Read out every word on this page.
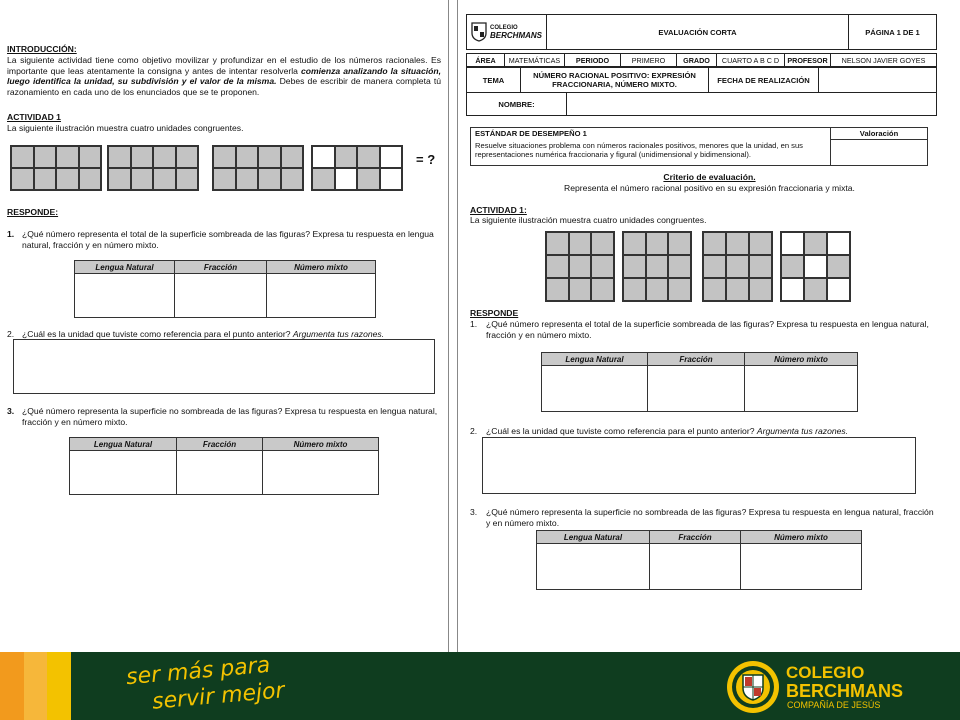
INTRODUCCIÓN:
La siguiente actividad tiene como objetivo movilizar y profundizar en el estudio de los números racionales. Es importante que leas atentamente la consigna y antes de intentar resolverla comienza analizando la situación, luego identifica la unidad, su subdivisión y el valor de la misma. Debes de escribir de manera completa tú razonamiento en cada uno de los enunciados que se te proponen.
ACTIVIDAD 1
La siguiente ilustración muestra cuatro unidades congruentes.
= ?
RESPONDE:
1. ¿Qué número representa el total de la superficie sombreada de las figuras? Expresa tu respuesta en lengua natural, fracción y en número mixto.
Lengua Natural	Fracción	Número mixto

2. ¿Cuál es la unidad que tuviste como referencia para el punto anterior? Argumenta tus razones.
3. ¿Qué número representa la superficie no sombreada de las figuras? Expresa tu respuesta en lengua natural, fracción y en número mixto.
Lengua Natural	Fracción	Número mixto

COLEGIO
BERCHMANS	EVALUACIÓN CORTA	PÁGINA 1 DE 1
ÁREA	MATEMÁTICAS	PERIODO	PRIMERO	GRADO	CUARTO A B C D	PROFESOR	NELSON JAVIER GOYES
TEMA	NÚMERO RACIONAL POSITIVO: EXPRESIÓN FRACCIONARIA, NÚMERO MIXTO.	FECHA DE REALIZACIÓN	
NOMBRE:	
ESTÁNDAR DE DESEMPEÑO 1	Valoración
Resuelve situaciones problema con números racionales positivos, menores que la unidad, en sus representaciones numérica fraccionaria y figural (unidimensional y bidimensional).	
Criterio de evaluación.
Representa el número racional positivo en su expresión fraccionaria y mixta.
ACTIVIDAD 1:
La siguiente ilustración muestra cuatro unidades congruentes.
RESPONDE
1. ¿Qué número representa el total de la superficie sombreada de las figuras? Expresa tu respuesta en lengua natural, fracción y en número mixto.
Lengua Natural	Fracción	Número mixto

2. ¿Cuál es la unidad que tuviste como referencia para el punto anterior? Argumenta tus razones.
3. ¿Qué número representa la superficie no sombreada de las figuras? Expresa tu respuesta en lengua natural, fracción y en número mixto.
Lengua Natural	Fracción	Número mixto

ser más para
servir mejor
COLEGIO
BERCHMANS
COMPAÑÍA DE JESÚS
